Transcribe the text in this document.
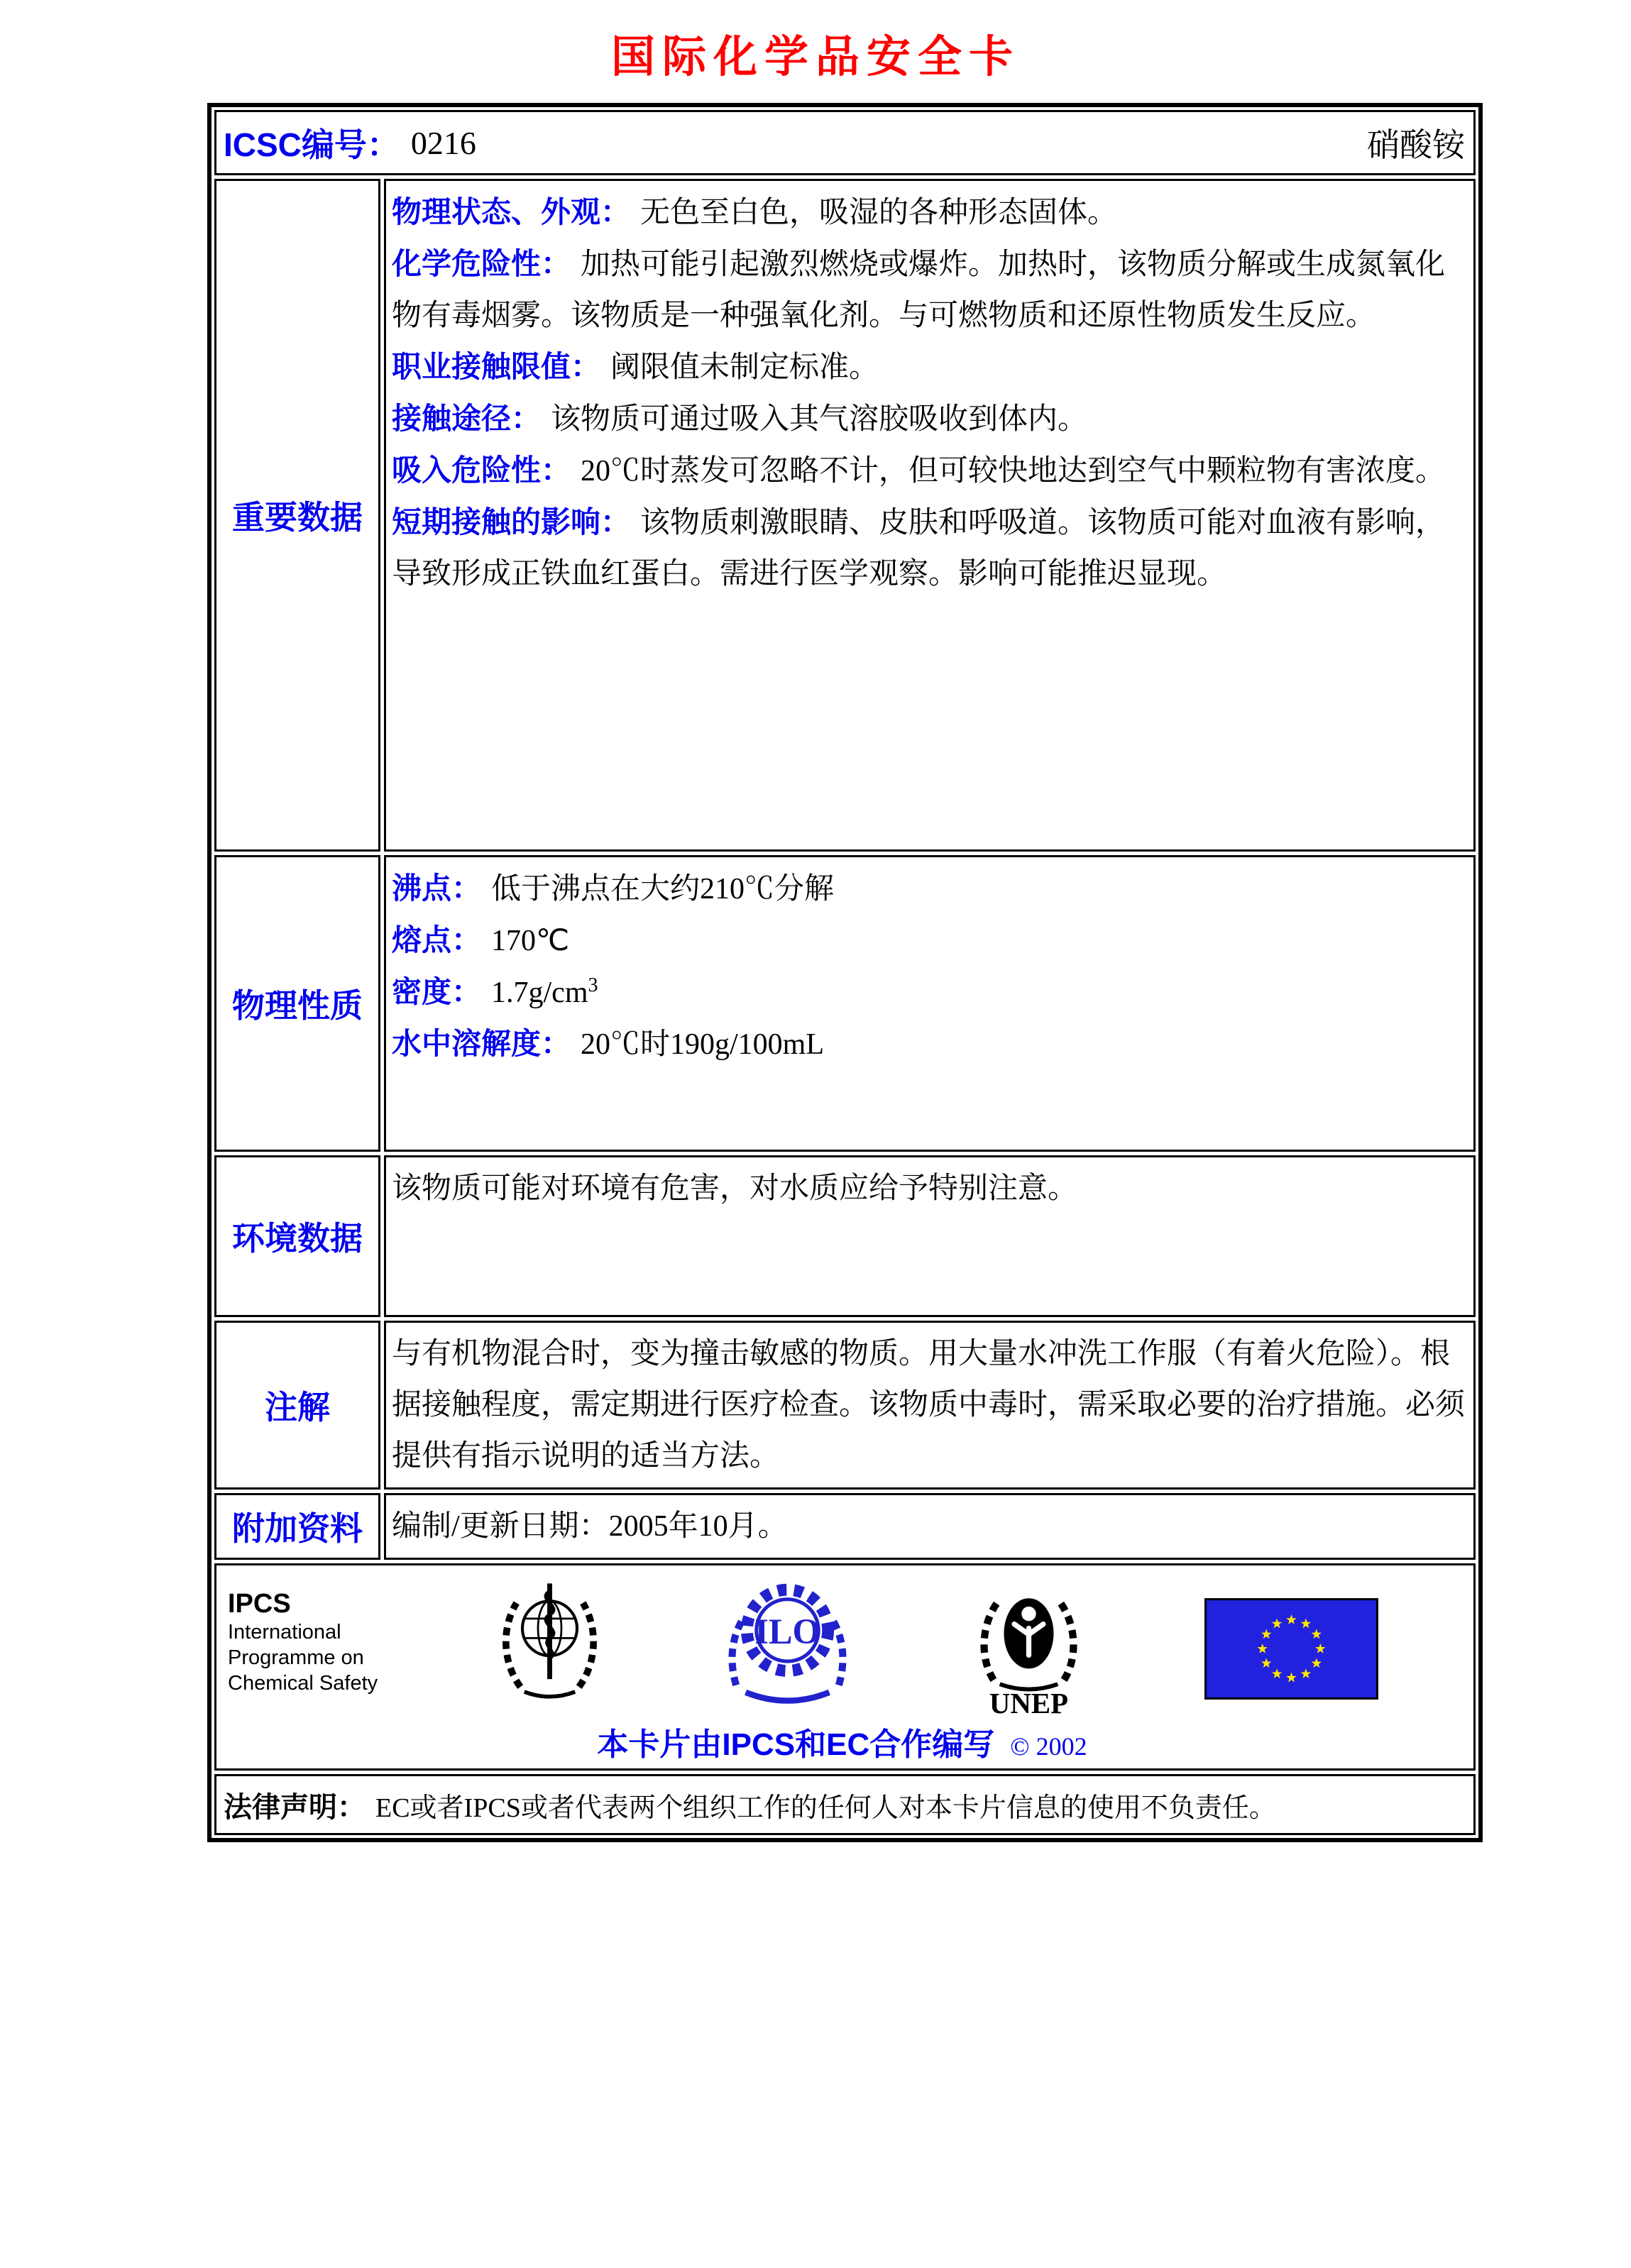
国际化学品安全卡
ICSC编号： 0216	硝酸铵
重要数据
物理状态、外观： 无色至白色，吸湿的各种形态固体。
化学危险性： 加热可能引起激烈燃烧或爆炸。加热时，该物质分解或生成氮氧化物有毒烟雾。该物质是一种强氧化剂。与可燃物质和还原性物质发生反应。
职业接触限值： 阈限值未制定标准。
接触途径： 该物质可通过吸入其气溶胶吸收到体内。
吸入危险性： 20℃时蒸发可忽略不计，但可较快地达到空气中颗粒物有害浓度。
短期接触的影响： 该物质刺激眼睛、皮肤和呼吸道。该物质可能对血液有影响，导致形成正铁血红蛋白。需进行医学观察。影响可能推迟显现。
物理性质
沸点： 低于沸点在大约210℃分解
熔点： 170℃
密度： $1.7g/cm^3$
水中溶解度： 20℃时190g/100mL
环境数据
该物质可能对环境有危害，对水质应给予特别注意。
注解
与有机物混合时，变为撞击敏感的物质。用大量水冲洗工作服（有着火危险）。根据接触程度，需定期进行医疗检查。该物质中毒时，需采取必要的治疗措施。必须提供有指示说明的适当方法。
附加资料 编制/更新日期：2005年10月。
IPCS
International
Programme on
Chemical Safety
ILO
UNEP
本卡片由IPCS和EC合作编写 © 2002
法律声明： EC或者IPCS或者代表两个组织工作的任何人对本卡片信息的使用不负责任。
